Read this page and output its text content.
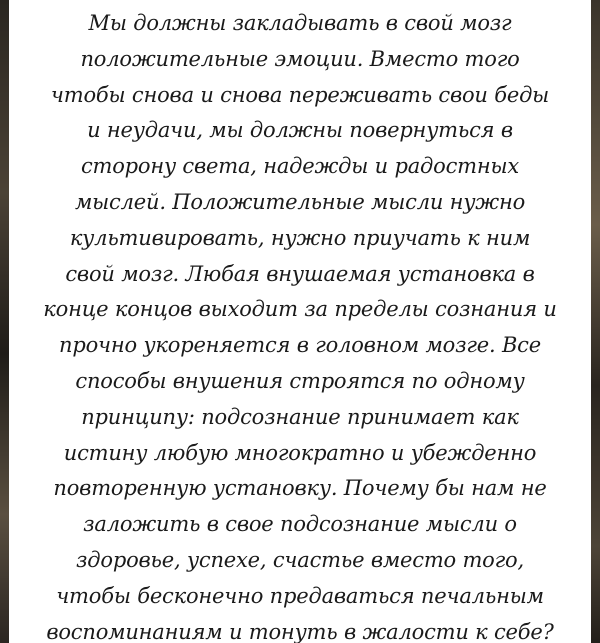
Мы должны закладывать в свой мозг
положительные эмоции. Вместо того
чтобы снова и снова переживать свои беды
и неудачи, мы должны повернуться в
сторону света, надежды и радостных
мыслей. Положительные мысли нужно
культивировать, нужно приучать к ним
свой мозг. Любая внушаемая установка в
конце концов выходит за пределы сознания и
прочно укореняется в головном мозге. Все
способы внушения строятся по одному
принципу: подсознание принимает как
истину любую многократно и убежденно
повторенную установку. Почему бы нам не
заложить в свое подсознание мысли о
здоровье, успехе, счастье вместо того,
чтобы бесконечно предаваться печальным
воспоминаниям и тонуть в жалости к себе?
